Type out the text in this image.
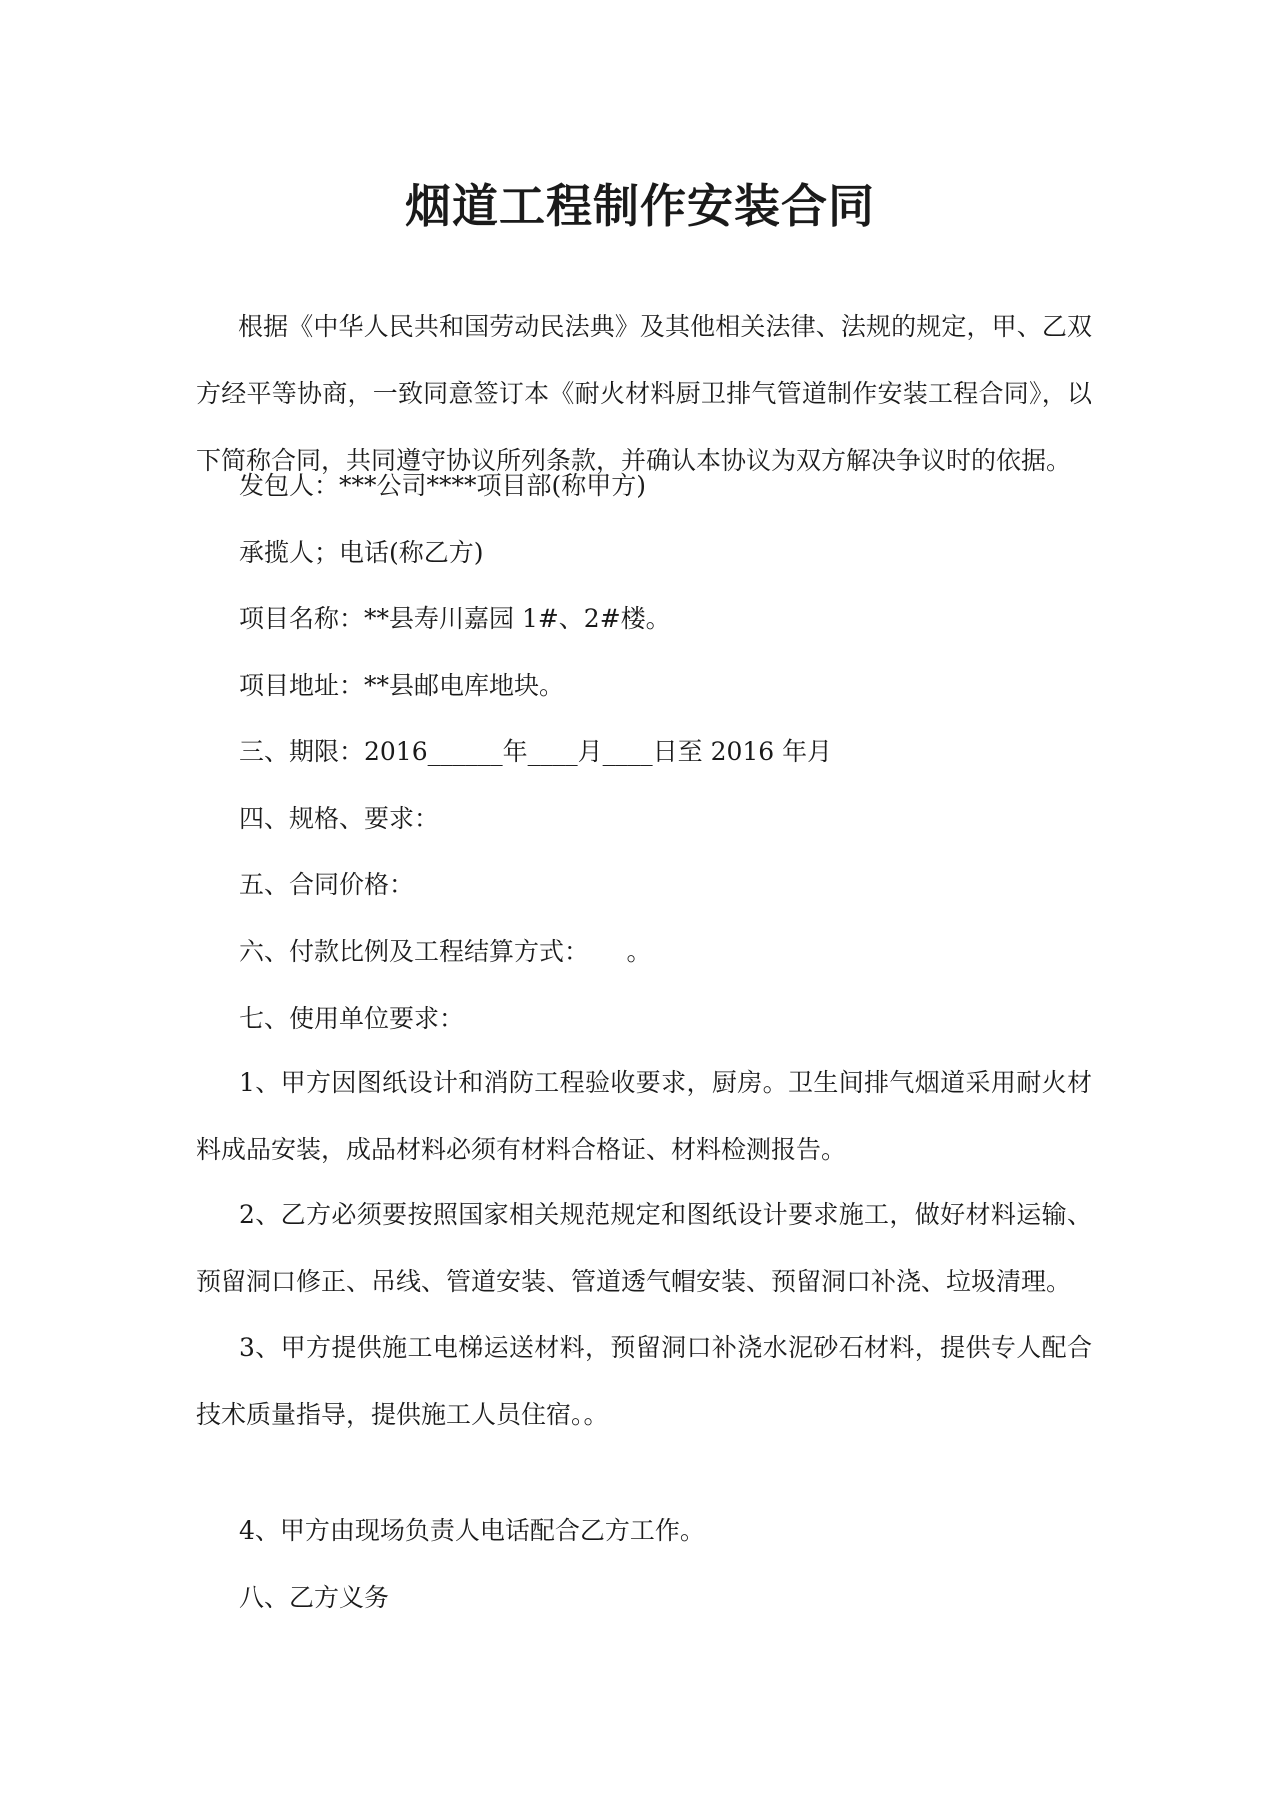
烟道工程制作安装合同
根据《中华人民共和国劳动民法典》及其他相关法律、法规的规定，甲、乙双方经平等协商，一致同意签订本《耐火材料厨卫排气管道制作安装工程合同》，以下简称合同，共同遵守协议所列条款，并确认本协议为双方解决争议时的依据。
发包人：***公司****项目部(称甲方)
承揽人；电话(称乙方)
项目名称：**县寿川嘉园 1#、2#楼。
项目地址：**县邮电库地块。
三、期限：2016______年____月____日至 2016 年月
四、规格、要求：
五、合同价格：
六、付款比例及工程结算方式：　　。
七、使用单位要求：
1、甲方因图纸设计和消防工程验收要求，厨房。卫生间排气烟道采用耐火材料成品安装，成品材料必须有材料合格证、材料检测报告。
2、乙方必须要按照国家相关规范规定和图纸设计要求施工，做好材料运输、预留洞口修正、吊线、管道安装、管道透气帽安装、预留洞口补浇、垃圾清理。
3、甲方提供施工电梯运送材料，预留洞口补浇水泥砂石材料，提供专人配合技术质量指导，提供施工人员住宿。。
4、甲方由现场负责人电话配合乙方工作。
八、乙方义务
